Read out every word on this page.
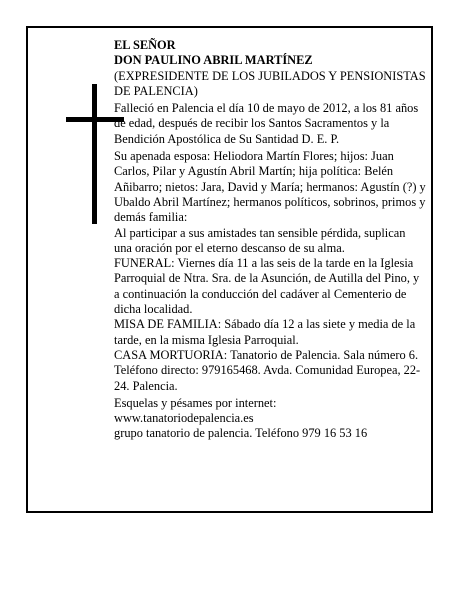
EL SEÑOR

DON PAULINO ABRIL MARTÍNEZ

(EXPRESIDENTE DE LOS JUBILADOS Y PENSIONISTAS DE PALENCIA)

Falleció en Palencia el día 10 de mayo de 2012, a los 81 años de edad, después de recibir los Santos Sacramentos y la Bendición Apostólica de Su Santidad D. E. P.

Su apenada esposa: Heliodora Martín Flores; hijos: Juan Carlos, Pilar y Agustín Abril Martín; hija política: Belén Añibarro; nietos: Jara, David y María; hermanos: Agustín (?) y Ubaldo Abril Martínez; hermanos políticos, sobrinos, primos y demás familia:

Al participar a sus amistades tan sensible pérdida, suplican una oración por el eterno descanso de su alma.

FUNERAL: Viernes día 11 a las seis de la tarde en la Iglesia Parroquial de Ntra. Sra. de la Asunción, de Autilla del Pino, y a continuación la conducción del cadáver al Cementerio de dicha localidad.

MISA DE FAMILIA: Sábado día 12 a las siete y media de la tarde, en la misma Iglesia Parroquial.

CASA MORTUORIA: Tanatorio de Palencia. Sala número 6. Teléfono directo: 979165468. Avda. Comunidad Europea, 22-24. Palencia.

Esquelas y pésames por internet:

www.tanatoriodepalencia.es

grupo tanatorio de palencia. Teléfono 979 16 53 16
